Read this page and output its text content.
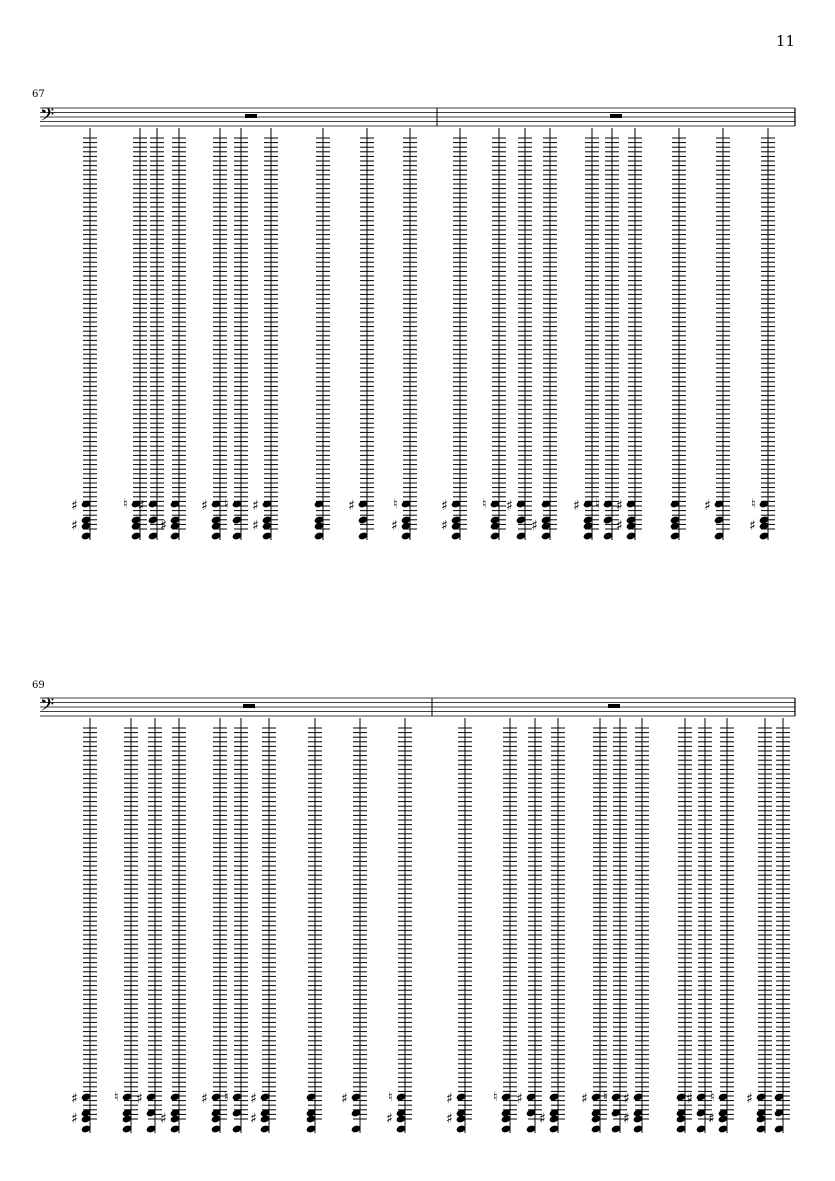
11
67
69
𝄢
♯
♯
♮ ♯
♯
♯ ♮ ♯
♯
♯	♮
♯
♯
♯
♮ ♯
♯
♯ ♮ ♯
♯
♯	♮
♯
𝄢
♯
♯
♮ ♯
♯
♯ ♮ ♯
♯
♯	♮
♯
♯
♯
♮ ♯
♯
♯ ♮ ♯
♯
♯ ♮
♯
♯
